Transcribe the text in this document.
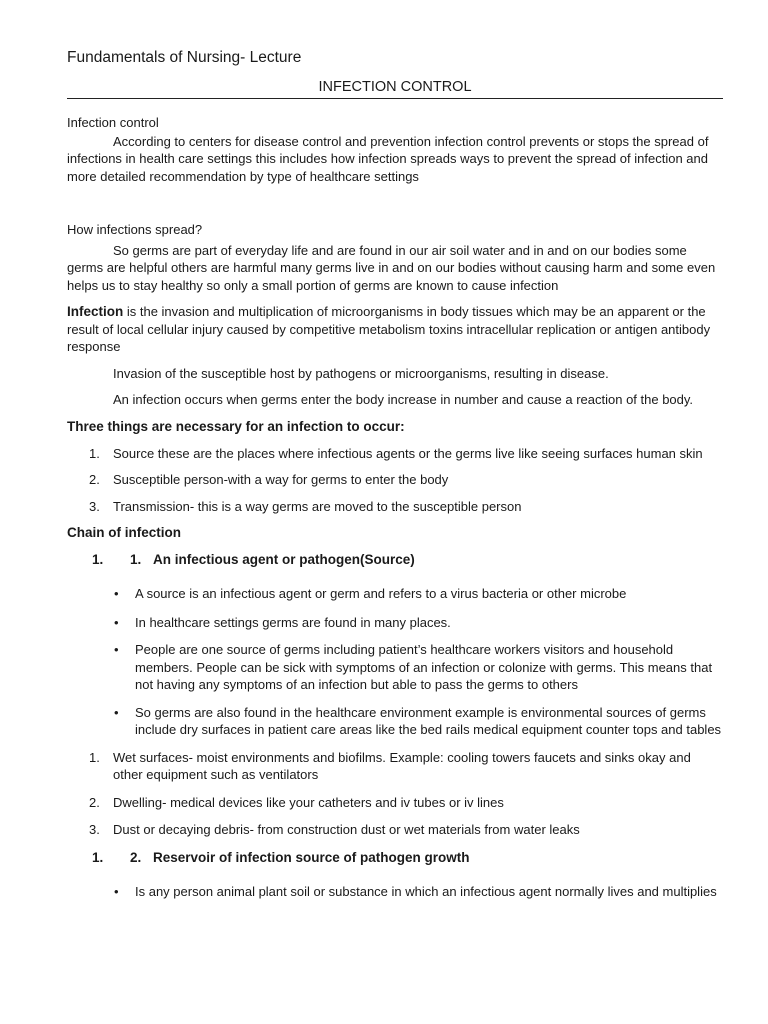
Fundamentals of Nursing- Lecture
INFECTION CONTROL
Infection control
According to centers for disease control and prevention infection control prevents or stops the spread of infections in health care settings this includes how infection spreads ways to prevent the spread of infection and more detailed recommendation by type of healthcare settings
How infections spread?
So germs are part of everyday life and are found in our air soil water and in and on our bodies some germs are helpful others are harmful many germs live in and on our bodies without causing harm and some even helps us to stay healthy so only a small portion of germs are known to cause infection
Infection is the invasion and multiplication of microorganisms in body tissues which may be an apparent or the result of local cellular injury caused by competitive metabolism toxins intracellular replication or antigen antibody response
Invasion of the susceptible host by pathogens or microorganisms, resulting in disease.
An infection occurs when germs enter the body increase in number and cause a reaction of the body.
Three things are necessary for an infection to occur:
1. Source these are the places where infectious agents or the germs live like seeing surfaces human skin
2. Susceptible person-with a way for germs to enter the body
3. Transmission- this is a way germs are moved to the susceptible person
Chain of infection
1. 1. An infectious agent or pathogen(Source)
• A source is an infectious agent or germ and refers to a virus bacteria or other microbe
• In healthcare settings germs are found in many places.
• People are one source of germs including patient’s healthcare workers visitors and household members. People can be sick with symptoms of an infection or colonize with germs. This means that not having any symptoms of an infection but able to pass the germs to others
• So germs are also found in the healthcare environment example is environmental sources of germs include dry surfaces in patient care areas like the bed rails medical equipment counter tops and tables
1. Wet surfaces- moist environments and biofilms. Example: cooling towers faucets and sinks okay and other equipment such as ventilators
2. Dwelling- medical devices like your catheters and iv tubes or iv lines
3. Dust or decaying debris- from construction dust or wet materials from water leaks
1. 2. Reservoir of infection source of pathogen growth
• Is any person animal plant soil or substance in which an infectious agent normally lives and multiplies
